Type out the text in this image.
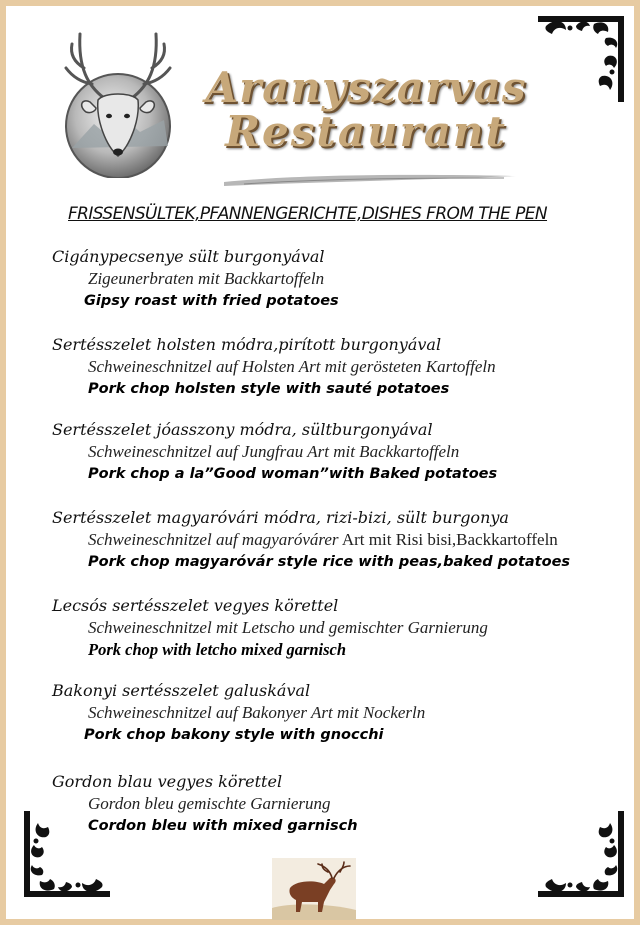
Aranyszarvas
Restaurant
FRISSENSÜLTEK,PFANNENGERICHTE,DISHES FROM THE PEN
Cigánypecsenye sült burgonyával
Zigeunerbraten mit Backkartoffeln
Gipsy roast with fried potatoes
Sertésszelet holsten módra,pirított burgonyával
Schweineschnitzel auf Holsten Art mit gerösteten Kartoffeln
Pork chop holsten style with sauté potatoes
Sertésszelet jóasszony módra, sültburgonyával
Schweineschnitzel auf Jungfrau Art mit Backkartoffeln
Pork chop a la”Good woman”with Baked potatoes
Sertésszelet magyaróvári módra, rizi-bizi, sült burgonya
Schweineschnitzel auf magyaróvárer Art mit Risi bisi,Backkartoffeln
Pork chop magyaróvár style rice with peas,baked potatoes
Lecsós sertésszelet vegyes körettel
Schweineschnitzel mit Letscho und gemischter Garnierung
Pork chop with letcho mixed garnisch
Bakonyi sertésszelet galuskával
Schweineschnitzel auf Bakonyer Art mit Nockerln
Pork chop bakony style with gnocchi
Gordon blau vegyes körettel
Gordon bleu gemischte Garnierung
Cordon bleu with mixed garnisch
